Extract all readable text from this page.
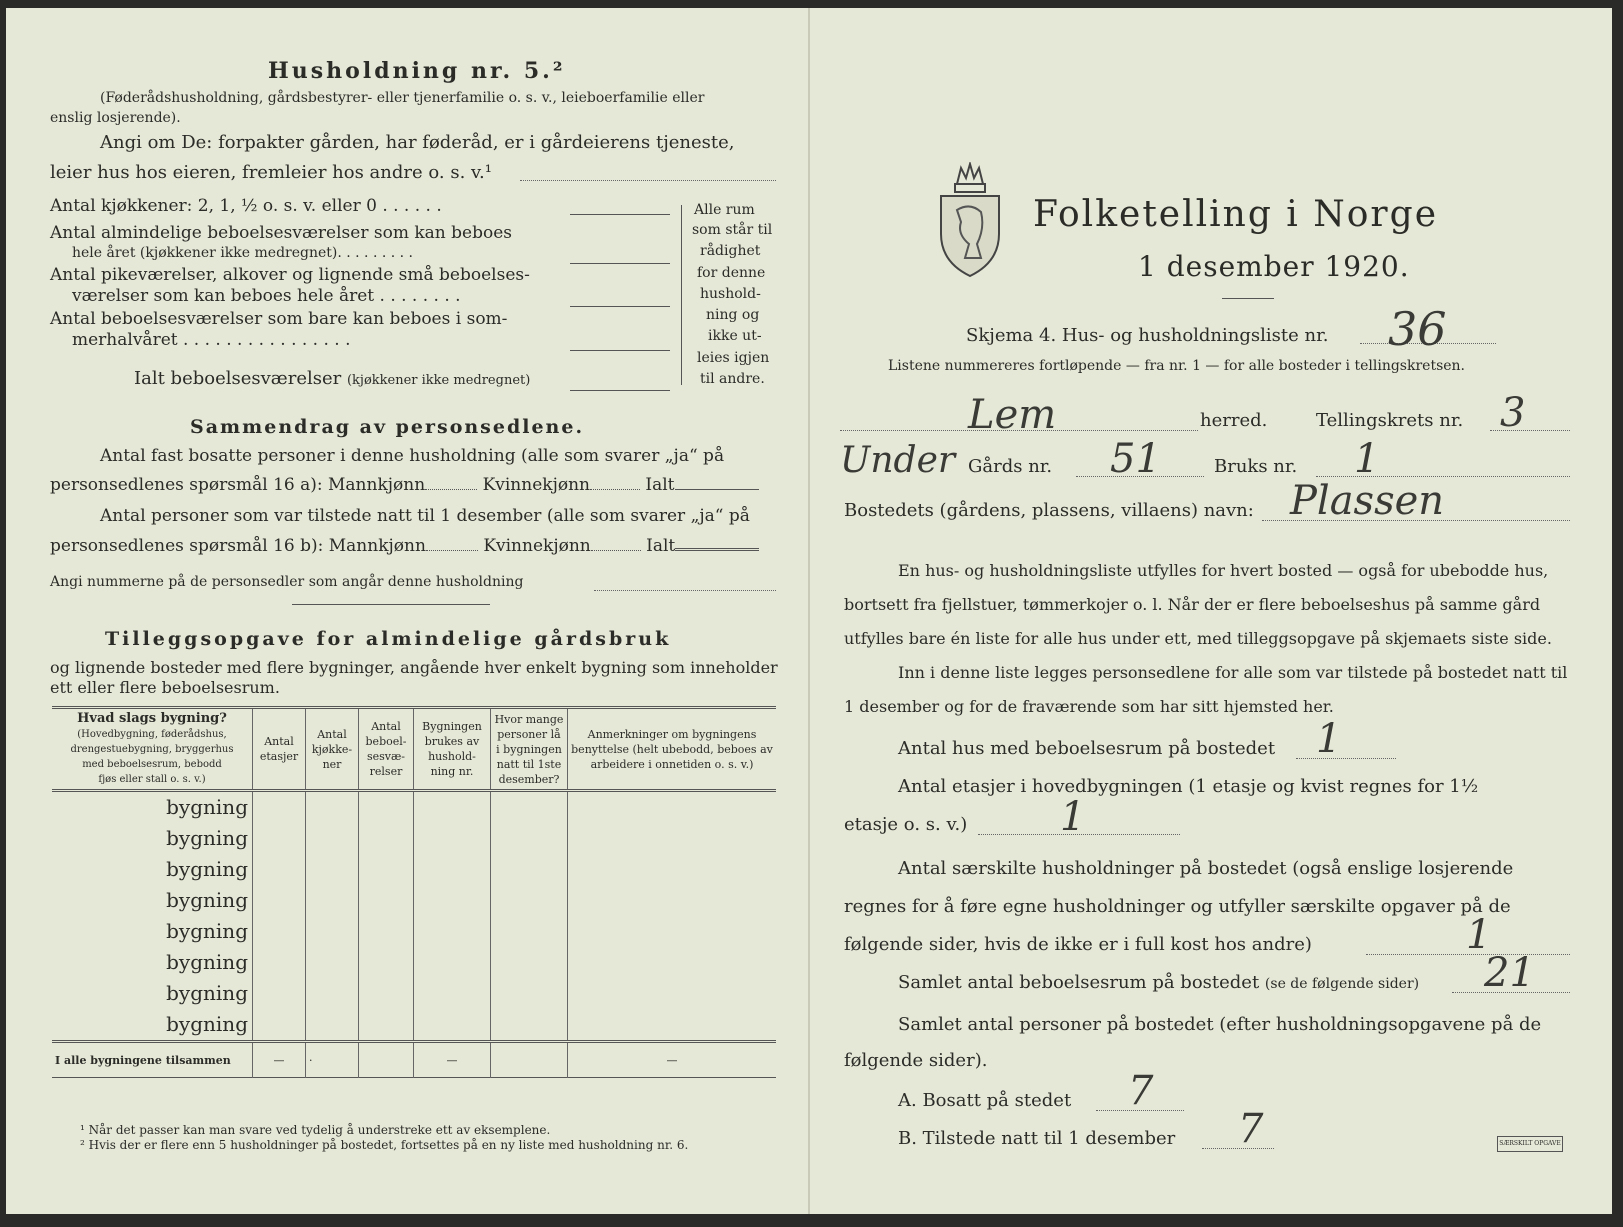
Husholdning nr. 5.²
(Føderådshusholdning, gårdsbestyrer- eller tjenerfamilie o. s. v., leieboerfamilie eller
enslig losjerende).
Angi om De: forpakter gården, har føderåd, er i gårdeierens tjeneste,
leier hus hos eieren, fremleier hos andre o. s. v.¹
Antal kjøkkener: 2, 1, ½ o. s. v. eller 0 . . . . . .
Antal almindelige beboelsesværelser som kan beboes
hele året (kjøkkener ikke medregnet). . . . . . . . .
Antal pikeværelser, alkover og lignende små beboelses-
værelser som kan beboes hele året . . . . . . . .
Antal beboelsesværelser som bare kan beboes i som-
merhalvåret . . . . . . . . . . . . . . . .
Ialt beboelsesværelser (kjøkkener ikke medregnet)
Alle rum
som står til
rådighet
for denne
hushold-
ning og
ikke ut-
leies igjen
til andre.
Sammendrag av personsedlene.
Antal fast bosatte personer i denne husholdning (alle som svarer „ja“ på
personsedlenes spørsmål 16 a): Mannkjønn	Kvinnekjønn	Ialt
Antal personer som var tilstede natt til 1 desember (alle som svarer „ja“ på
personsedlenes spørsmål 16 b): Mannkjønn	Kvinnekjønn	Ialt
Angi nummerne på de personsedler som angår denne husholdning
Tilleggsopgave for almindelige gårdsbruk
og lignende bosteder med flere bygninger, angående hver enkelt bygning som inneholder
ett eller flere beboelsesrum.
Hvad slags bygning?
(Hovedbygning, føderådshus,
drengestuebygning, bryggerhus
med beboelsesrum, bebodd
fjøs eller stall o. s. v.)	Antal etasjer	Antal kjøkke-ner	Antal beboel-sesvæ-relser	Bygningen brukes av hushold-ning nr.	Hvor mange personer lå i bygningen natt til 1ste desember?	Anmerkninger om bygningens benyttelse (helt ubebodd, beboes av arbeidere i onnetiden o. s. v.)
bygning						
bygning						
bygning						
bygning						
bygning						
bygning						
bygning						
bygning						
I alle bygningene tilsammen	—	·		—		—
¹ Når det passer kan man svare ved tydelig å understreke ett av eksemplene.
² Hvis der er flere enn 5 husholdninger på bostedet, fortsettes på en ny liste med husholdning nr. 6.
Folketelling i Norge
1 desember 1920.
Skjema 4. Hus- og husholdningsliste nr. 36
Listene nummereres fortløpende — fra nr. 1 — for alle bosteder i tellingskretsen.
Lem	herred.	Tellingskrets nr. 3
Under Gårds nr. 51	Bruks nr. 1
Bostedets (gårdens, plassens, villaens) navn: Plassen
En hus- og husholdningsliste utfylles for hvert bosted — også for ubebodde hus,
bortsett fra fjellstuer, tømmerkojer o. l. Når der er flere beboelseshus på samme gård
utfylles bare én liste for alle hus under ett, med tilleggsopgave på skjemaets siste side.
Inn i denne liste legges personsedlene for alle som var tilstede på bostedet natt til
1 desember og for de fraværende som har sitt hjemsted her.
Antal hus med beboelsesrum på bostedet 1
Antal etasjer i hovedbygningen (1 etasje og kvist regnes for 1½
etasje o. s. v.) 1
Antal særskilte husholdninger på bostedet (også enslige losjerende
regnes for å føre egne husholdninger og utfyller særskilte opgaver på de
følgende sider, hvis de ikke er i full kost hos andre)	1
Samlet antal beboelsesrum på bostedet (se de følgende sider) 21
Samlet antal personer på bostedet (efter husholdningsopgavene på de
følgende sider).
A. Bosatt på stedet 7
B. Tilstede natt til 1 desember 7	SÆRSKILT OPGAVE
